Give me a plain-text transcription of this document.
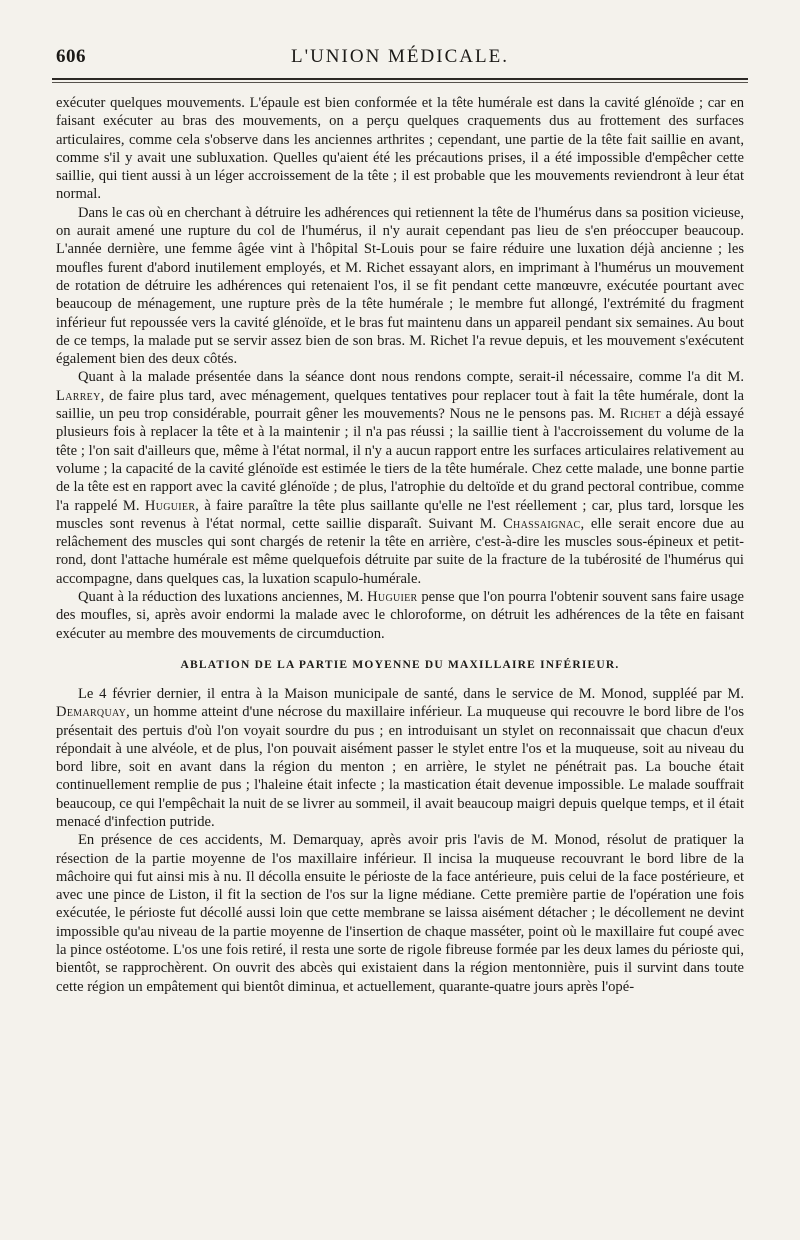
606	L'UNION MÉDICALE.

exécuter quelques mouvements. L'épaule est bien conformée et la tête humérale est dans la cavité glénoïde ; car en faisant exécuter au bras des mouvements, on a perçu quelques craquements dus au frottement des surfaces articulaires, comme cela s'observe dans les anciennes arthrites ; cependant, une partie de la tête fait saillie en avant, comme s'il y avait une subluxation. Quelles qu'aient été les précautions prises, il a été impossible d'empêcher cette saillie, qui tient aussi à un léger accroissement de la tête ; il est probable que les mouvements reviendront à leur état normal.

Dans le cas où en cherchant à détruire les adhérences qui retiennent la tête de l'humérus dans sa position vicieuse, on aurait amené une rupture du col de l'humérus, il n'y aurait cependant pas lieu de s'en préoccuper beaucoup. L'année dernière, une femme âgée vint à l'hôpital St-Louis pour se faire réduire une luxation déjà ancienne ; les moufles furent d'abord inutilement employés, et M. Richet essayant alors, en imprimant à l'humérus un mouvement de rotation de détruire les adhérences qui retenaient l'os, il se fit pendant cette manœuvre, exécutée pourtant avec beaucoup de ménagement, une rupture près de la tête humérale ; le membre fut allongé, l'extrémité du fragment inférieur fut repoussée vers la cavité glénoïde, et le bras fut maintenu dans un appareil pendant six semaines. Au bout de ce temps, la malade put se servir assez bien de son bras. M. Richet l'a revue depuis, et les mouvement s'exécutent également bien des deux côtés.

Quant à la malade présentée dans la séance dont nous rendons compte, serait-il nécessaire, comme l'a dit M. Larrey, de faire plus tard, avec ménagement, quelques tentatives pour replacer tout à fait la tête humérale, dont la saillie, un peu trop considérable, pourrait gêner les mouvements? Nous ne le pensons pas. M. Richet a déjà essayé plusieurs fois à replacer la tête et à la maintenir ; il n'a pas réussi ; la saillie tient à l'accroissement du volume de la tête ; l'on sait d'ailleurs que, même à l'état normal, il n'y a aucun rapport entre les surfaces articulaires relativement au volume ; la capacité de la cavité glénoïde est estimée le tiers de la tête humérale. Chez cette malade, une bonne partie de la tête est en rapport avec la cavité glénoïde ; de plus, l'atrophie du deltoïde et du grand pectoral contribue, comme l'a rappelé M. Huguier, à faire paraître la tête plus saillante qu'elle ne l'est réellement ; car, plus tard, lorsque les muscles sont revenus à l'état normal, cette saillie disparaît. Suivant M. Chassaignac, elle serait encore due au relâchement des muscles qui sont chargés de retenir la tête en arrière, c'est-à-dire les muscles sous-épineux et petit-rond, dont l'attache humérale est même quelquefois détruite par suite de la fracture de la tubérosité de l'humérus qui accompagne, dans quelques cas, la luxation scapulo-humérale.

Quant à la réduction des luxations anciennes, M. Huguier pense que l'on pourra l'obtenir souvent sans faire usage des moufles, si, après avoir endormi la malade avec le chloroforme, on détruit les adhérences de la tête en faisant exécuter au membre des mouvements de circumduction.

ABLATION DE LA PARTIE MOYENNE DU MAXILLAIRE INFÉRIEUR.

Le 4 février dernier, il entra à la Maison municipale de santé, dans le service de M. Monod, suppléé par M. Demarquay, un homme atteint d'une nécrose du maxillaire inférieur. La muqueuse qui recouvre le bord libre de l'os présentait des pertuis d'où l'on voyait sourdre du pus ; en introduisant un stylet on reconnaissait que chacun d'eux répondait à une alvéole, et de plus, l'on pouvait aisément passer le stylet entre l'os et la muqueuse, soit au niveau du bord libre, soit en avant dans la région du menton ; en arrière, le stylet ne pénétrait pas. La bouche était continuellement remplie de pus ; l'haleine était infecte ; la mastication était devenue impossible. Le malade souffrait beaucoup, ce qui l'empêchait la nuit de se livrer au sommeil, il avait beaucoup maigri depuis quelque temps, et il était menacé d'infection putride.

En présence de ces accidents, M. Demarquay, après avoir pris l'avis de M. Monod, résolut de pratiquer la résection de la partie moyenne de l'os maxillaire inférieur. Il incisa la muqueuse recouvrant le bord libre de la mâchoire qui fut ainsi mis à nu. Il décolla ensuite le périoste de la face antérieure, puis celui de la face postérieure, et avec une pince de Liston, il fit la section de l'os sur la ligne médiane. Cette première partie de l'opération une fois exécutée, le périoste fut décollé aussi loin que cette membrane se laissa aisément détacher ; le décollement ne devint impossible qu'au niveau de la partie moyenne de l'insertion de chaque masséter, point où le maxillaire fut coupé avec la pince ostéotome. L'os une fois retiré, il resta une sorte de rigole fibreuse formée par les deux lames du périoste qui, bientôt, se rapprochèrent. On ouvrit des abcès qui existaient dans la région mentonnière, puis il survint dans toute cette région un empâtement qui bientôt diminua, et actuellement, quarante-quatre jours après l'opé-
